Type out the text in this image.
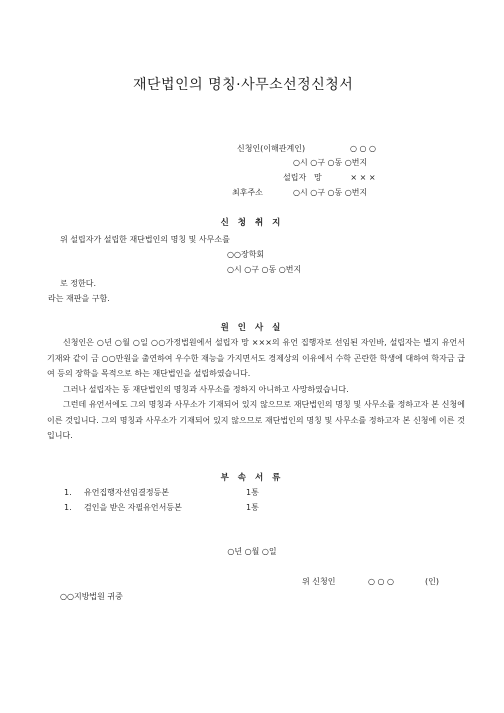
재단법인의 명칭·사무소선정신청서
신청인(이해관계인)	○ ○ ○
○시 ○구 ○동 ○번지
설립자 망	× × ×
최후주소	○시 ○구 ○동 ○번지
신 청 취 지
위 설립자가 설립한 재단법인의 명칭 및 사무소를
○○장학회
○시 ○구 ○동 ○번지
로 정한다.
라는 재판을 구함.
원 인 사 실

신청인은 ○년 ○월 ○일 ○○가정법원에서 설립자 망 ×××의 유언 집행자로 선임된 자인바, 설립자는 별지 유언서 기재와 같이 금 ○○만원을 출연하여 우수한 재능을 가지면서도 경제상의 이유에서 수학 곤란한 학생에 대하여 학자금 급여 등의 장학을 목적으로 하는 재단법인을 설립하였습니다.

그러나 설립자는 동 재단법인의 명칭과 사무소를 정하지 아니하고 사망하였습니다.

그런데 유언서에도 그의 명칭과 사무소가 기재되어 있지 않으므로 재단법인의 명칭 및 사무소를 정하고자 본 신청에 이른 것입니다. 그의 명칭과 사무소가 기재되어 있지 않으므로 재단법인의 명칭 및 사무소를 정하고자 본 신청에 이른 것입니다.

부 속 서 류
1. 유언집행자선임결정등본	1통
1. 검인을 받은 자필유언서등본	1통
○년 ○월 ○일
위 신청인	○ ○ ○	(인)
○○지방법원 귀중
